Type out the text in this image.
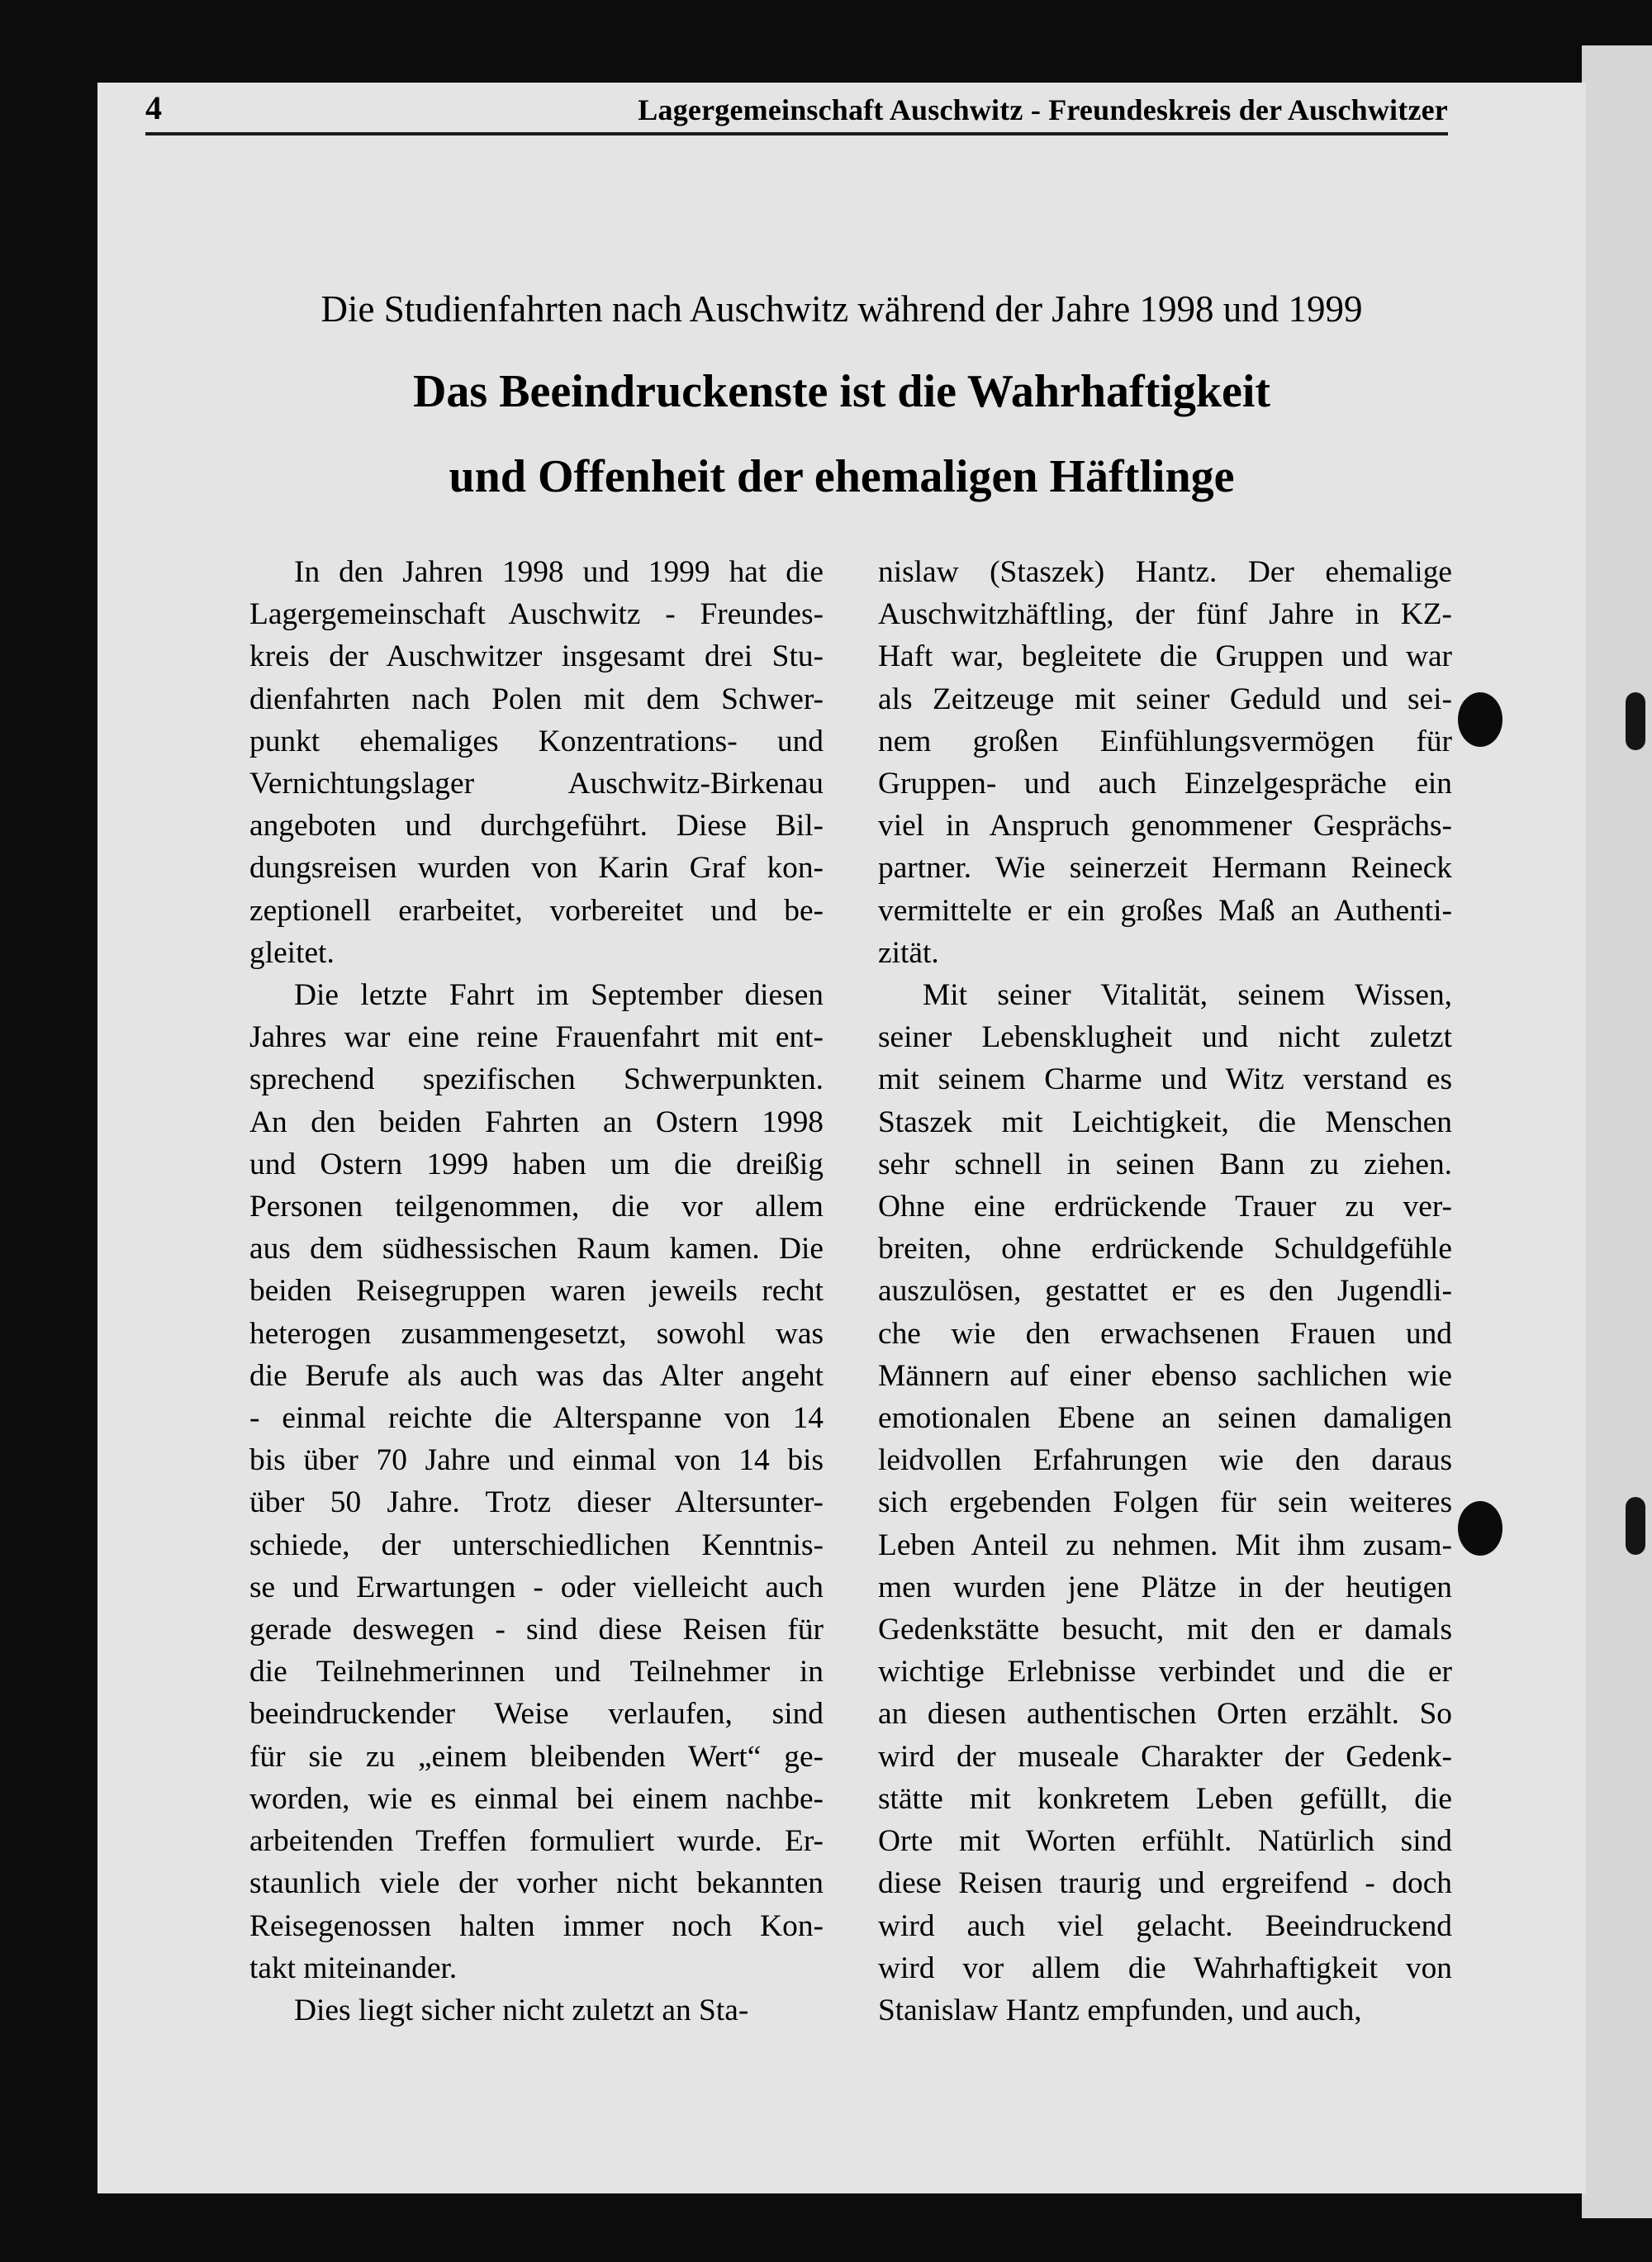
4	Lagergemeinschaft Auschwitz - Freundeskreis der Auschwitzer
Die Studienfahrten nach Auschwitz während der Jahre 1998 und 1999
Das Beeindruckenste ist die Wahrhaftigkeit
und Offenheit der ehemaligen Häftlinge
In den Jahren 1998 und 1999 hat die
Lagergemeinschaft Auschwitz - Freundes-
kreis der Auschwitzer insgesamt drei Stu-
dienfahrten nach Polen mit dem Schwer-
punkt ehemaliges Konzentrations- und
Vernichtungslager Auschwitz-Birkenau
angeboten und durchgeführt. Diese Bil-
dungsreisen wurden von Karin Graf kon-
zeptionell erarbeitet, vorbereitet und be-
gleitet.
Die letzte Fahrt im September diesen
Jahres war eine reine Frauenfahrt mit ent-
sprechend spezifischen Schwerpunkten.
An den beiden Fahrten an Ostern 1998
und Ostern 1999 haben um die dreißig
Personen teilgenommen, die vor allem
aus dem südhessischen Raum kamen. Die
beiden Reisegruppen waren jeweils recht
heterogen zusammengesetzt, sowohl was
die Berufe als auch was das Alter angeht
- einmal reichte die Alterspanne von 14
bis über 70 Jahre und einmal von 14 bis
über 50 Jahre. Trotz dieser Altersunter-
schiede, der unterschiedlichen Kenntnis-
se und Erwartungen - oder vielleicht auch
gerade deswegen - sind diese Reisen für
die Teilnehmerinnen und Teilnehmer in
beeindruckender Weise verlaufen, sind
für sie zu „einem bleibenden Wert“ ge-
worden, wie es einmal bei einem nachbe-
arbeitenden Treffen formuliert wurde. Er-
staunlich viele der vorher nicht bekannten
Reisegenossen halten immer noch Kon-
takt miteinander.
Dies liegt sicher nicht zuletzt an Sta-
nislaw (Staszek) Hantz. Der ehemalige
Auschwitzhäftling, der fünf Jahre in KZ-
Haft war, begleitete die Gruppen und war
als Zeitzeuge mit seiner Geduld und sei-
nem großen Einfühlungsvermögen für
Gruppen- und auch Einzelgespräche ein
viel in Anspruch genommener Gesprächs-
partner. Wie seinerzeit Hermann Reineck
vermittelte er ein großes Maß an Authenti-
zität.
Mit seiner Vitalität, seinem Wissen,
seiner Lebensklugheit und nicht zuletzt
mit seinem Charme und Witz verstand es
Staszek mit Leichtigkeit, die Menschen
sehr schnell in seinen Bann zu ziehen.
Ohne eine erdrückende Trauer zu ver-
breiten, ohne erdrückende Schuldgefühle
auszulösen, gestattet er es den Jugendli-
che wie den erwachsenen Frauen und
Männern auf einer ebenso sachlichen wie
emotionalen Ebene an seinen damaligen
leidvollen Erfahrungen wie den daraus
sich ergebenden Folgen für sein weiteres
Leben Anteil zu nehmen. Mit ihm zusam-
men wurden jene Plätze in der heutigen
Gedenkstätte besucht, mit den er damals
wichtige Erlebnisse verbindet und die er
an diesen authentischen Orten erzählt. So
wird der museale Charakter der Gedenk-
stätte mit konkretem Leben gefüllt, die
Orte mit Worten erfühlt. Natürlich sind
diese Reisen traurig und ergreifend - doch
wird auch viel gelacht. Beeindruckend
wird vor allem die Wahrhaftigkeit von
Stanislaw Hantz empfunden, und auch,
